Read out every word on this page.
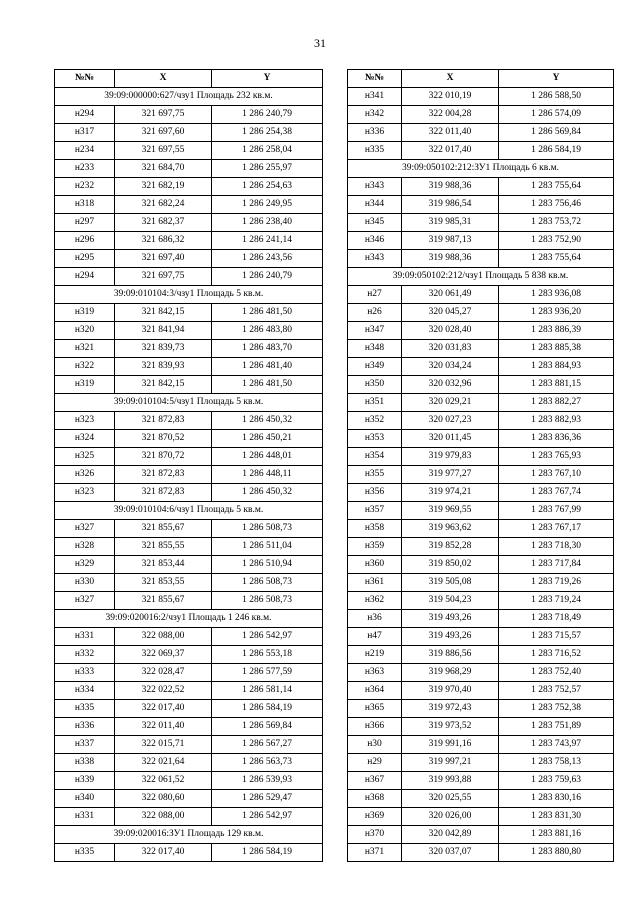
31
№№	X	Y
39:09:000000:627/чзу1 Площадь 232 кв.м.		
н294	321 697,75	1 286 240,79
н317	321 697,60	1 286 254,38
н234	321 697,55	1 286 258,04
н233	321 684,70	1 286 255,97
н232	321 682,19	1 286 254,63
н318	321 682,24	1 286 249,95
н297	321 682,37	1 286 238,40
н296	321 686,32	1 286 241,14
н295	321 697,40	1 286 243,56
н294	321 697,75	1 286 240,79
39:09:010104:3/чзу1 Площадь 5 кв.м.		
н319	321 842,15	1 286 481,50
н320	321 841,94	1 286 483,80
н321	321 839,73	1 286 483,70
н322	321 839,93	1 286 481,40
н319	321 842,15	1 286 481,50
39:09:010104:5/чзу1 Площадь 5 кв.м.		
н323	321 872,83	1 286 450,32
н324	321 870,52	1 286 450,21
н325	321 870,72	1 286 448,01
н326	321 872,83	1 286 448,11
н323	321 872,83	1 286 450,32
39:09:010104:6/чзу1 Площадь 5 кв.м.		
н327	321 855,67	1 286 508,73
н328	321 855,55	1 286 511,04
н329	321 853,44	1 286 510,94
н330	321 853,55	1 286 508,73
н327	321 855,67	1 286 508,73
39:09:020016:2/чзу1 Площадь 1 246 кв.м.		
н331	322 088,00	1 286 542,97
н332	322 069,37	1 286 553,18
н333	322 028,47	1 286 577,59
н334	322 022,52	1 286 581,14
н335	322 017,40	1 286 584,19
н336	322 011,40	1 286 569,84
н337	322 015,71	1 286 567,27
н338	322 021,64	1 286 563,73
н339	322 061,52	1 286 539,93
н340	322 080,60	1 286 529,47
н331	322 088,00	1 286 542,97
39:09:020016:ЗУ1 Площадь 129 кв.м.		
н335	322 017,40	1 286 584,19
№№	X	Y
н341	322 010,19	1 286 588,50
н342	322 004,28	1 286 574,09
н336	322 011,40	1 286 569,84
н335	322 017,40	1 286 584,19
39:09:050102:212:ЗУ1 Площадь 6 кв.м.		
н343	319 988,36	1 283 755,64
н344	319 986,54	1 283 756,46
н345	319 985,31	1 283 753,72
н346	319 987,13	1 283 752,90
н343	319 988,36	1 283 755,64
39:09:050102:212/чзу1 Площадь 5 838 кв.м.		
н27	320 061,49	1 283 936,08
н26	320 045,27	1 283 936,20
н347	320 028,40	1 283 886,39
н348	320 031,83	1 283 885,38
н349	320 034,24	1 283 884,93
н350	320 032,96	1 283 881,15
н351	320 029,21	1 283 882,27
н352	320 027,23	1 283 882,93
н353	320 011,45	1 283 836,36
н354	319 979,83	1 283 765,93
н355	319 977,27	1 283 767,10
н356	319 974,21	1 283 767,74
н357	319 969,55	1 283 767,99
н358	319 963,62	1 283 767,17
н359	319 852,28	1 283 718,30
н360	319 850,02	1 283 717,84
н361	319 505,08	1 283 719,26
н362	319 504,23	1 283 719,24
н36	319 493,26	1 283 718,49
н47	319 493,26	1 283 715,57
н219	319 886,56	1 283 716,52
н363	319 968,29	1 283 752,40
н364	319 970,40	1 283 752,57
н365	319 972,43	1 283 752,38
н366	319 973,52	1 283 751,89
н30	319 991,16	1 283 743,97
н29	319 997,21	1 283 758,13
н367	319 993,88	1 283 759,63
н368	320 025,55	1 283 830,16
н369	320 026,00	1 283 831,30
н370	320 042,89	1 283 881,16
н371	320 037,07	1 283 880,80
